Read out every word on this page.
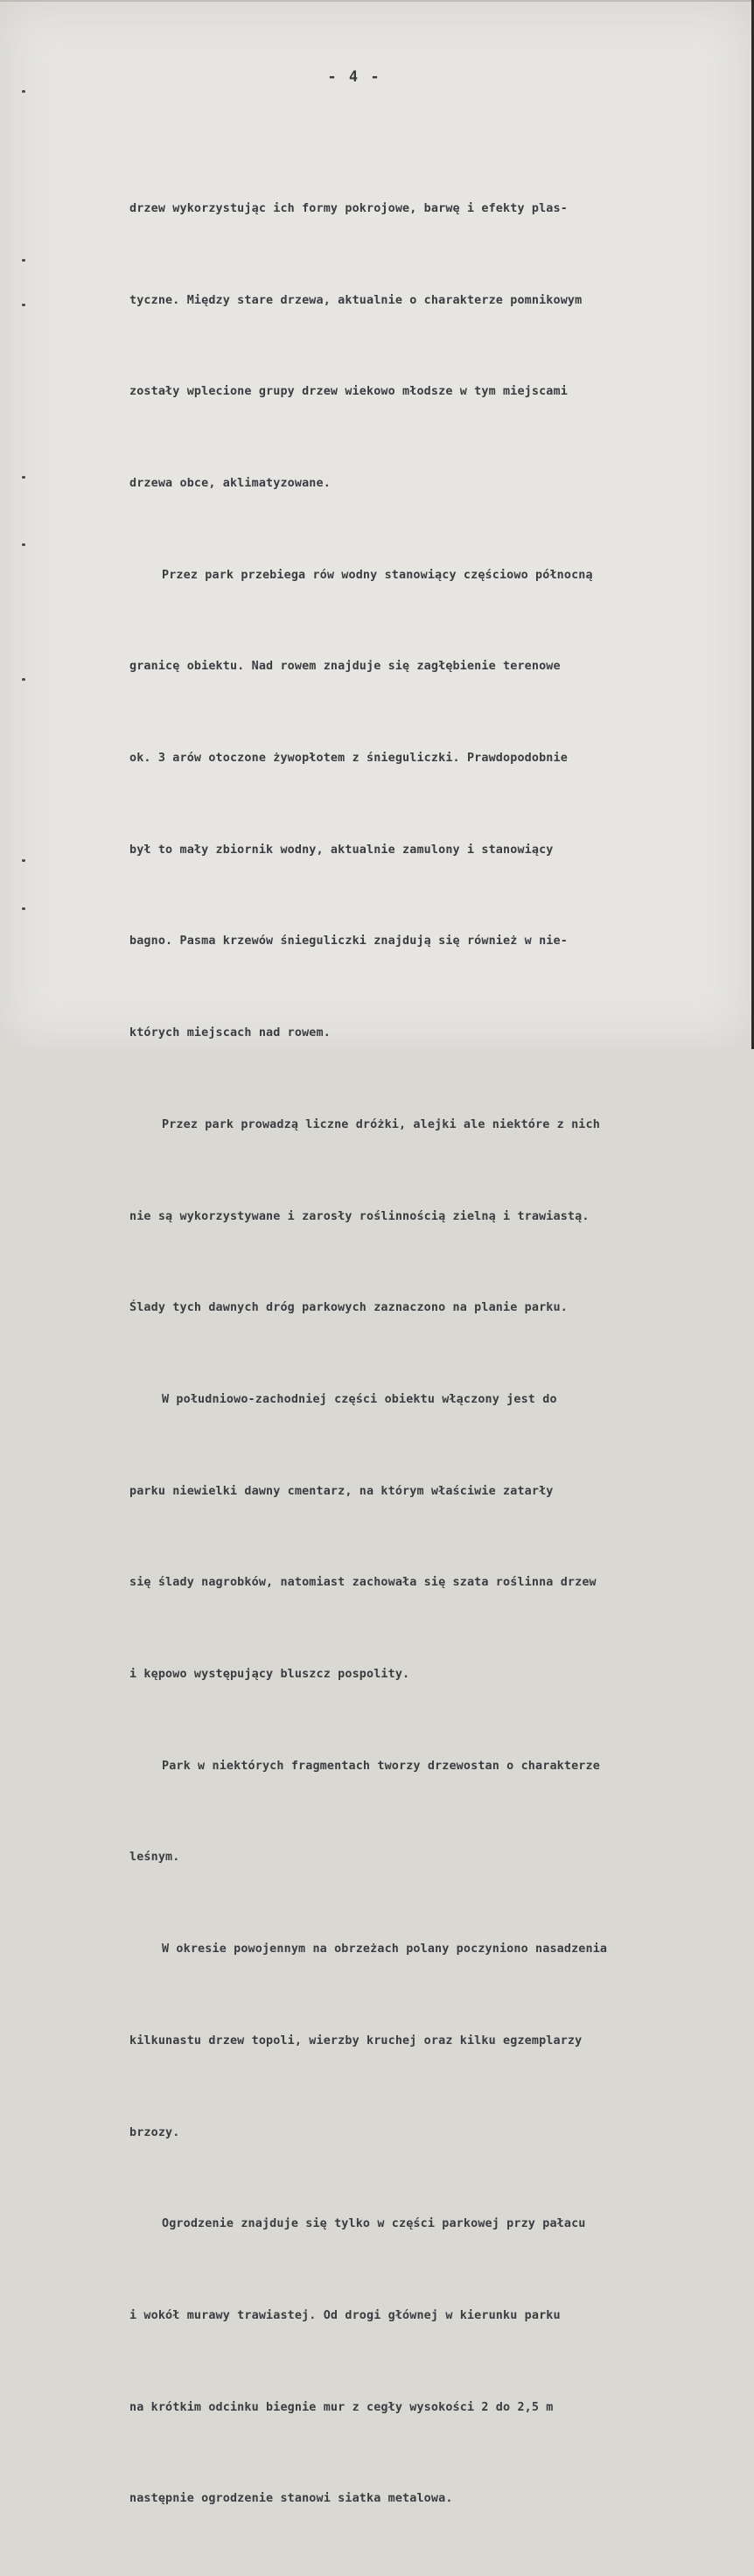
- 4 -

drzew wykorzystując ich formy pokrojowe, barwę i efekty plas-

tyczne. Między stare drzewa, aktualnie o charakterze pomnikowym

zostały wplecione grupy drzew wiekowo młodsze w tym miejscami

drzewa obce, aklimatyzowane.

Przez park przebiega rów wodny stanowiący częściowo północną

granicę obiektu. Nad rowem znajduje się zagłębienie terenowe

ok. 3 arów otoczone żywopłotem z śnieguliczki. Prawdopodobnie

był to mały zbiornik wodny, aktualnie zamulony i stanowiący

bagno. Pasma krzewów śnieguliczki znajdują się również w nie-

których miejscach nad rowem.

Przez park prowadzą liczne dróżki, alejki ale niektóre z nich

nie są wykorzystywane i zarosły roślinnością zielną i trawiastą.

Ślady tych dawnych dróg parkowych zaznaczono na planie parku.

W południowo-zachodniej części obiektu włączony jest do

parku niewielki dawny cmentarz, na którym właściwie zatarły

się ślady nagrobków, natomiast zachowała się szata roślinna drzew

i kępowo występujący bluszcz pospolity.

Park w niektórych fragmentach tworzy drzewostan o charakterze

leśnym.

W okresie powojennym na obrzeżach polany poczyniono nasadzenia

kilkunastu drzew topoli, wierzby kruchej oraz kilku egzemplarzy

brzozy.

Ogrodzenie znajduje się tylko w części parkowej przy pałacu

i wokół murawy trawiastej. Od drogi głównej w kierunku parku

na krótkim odcinku biegnie mur z cegły wysokości 2 do 2,5 m

następnie ogrodzenie stanowi siatka metalowa.
